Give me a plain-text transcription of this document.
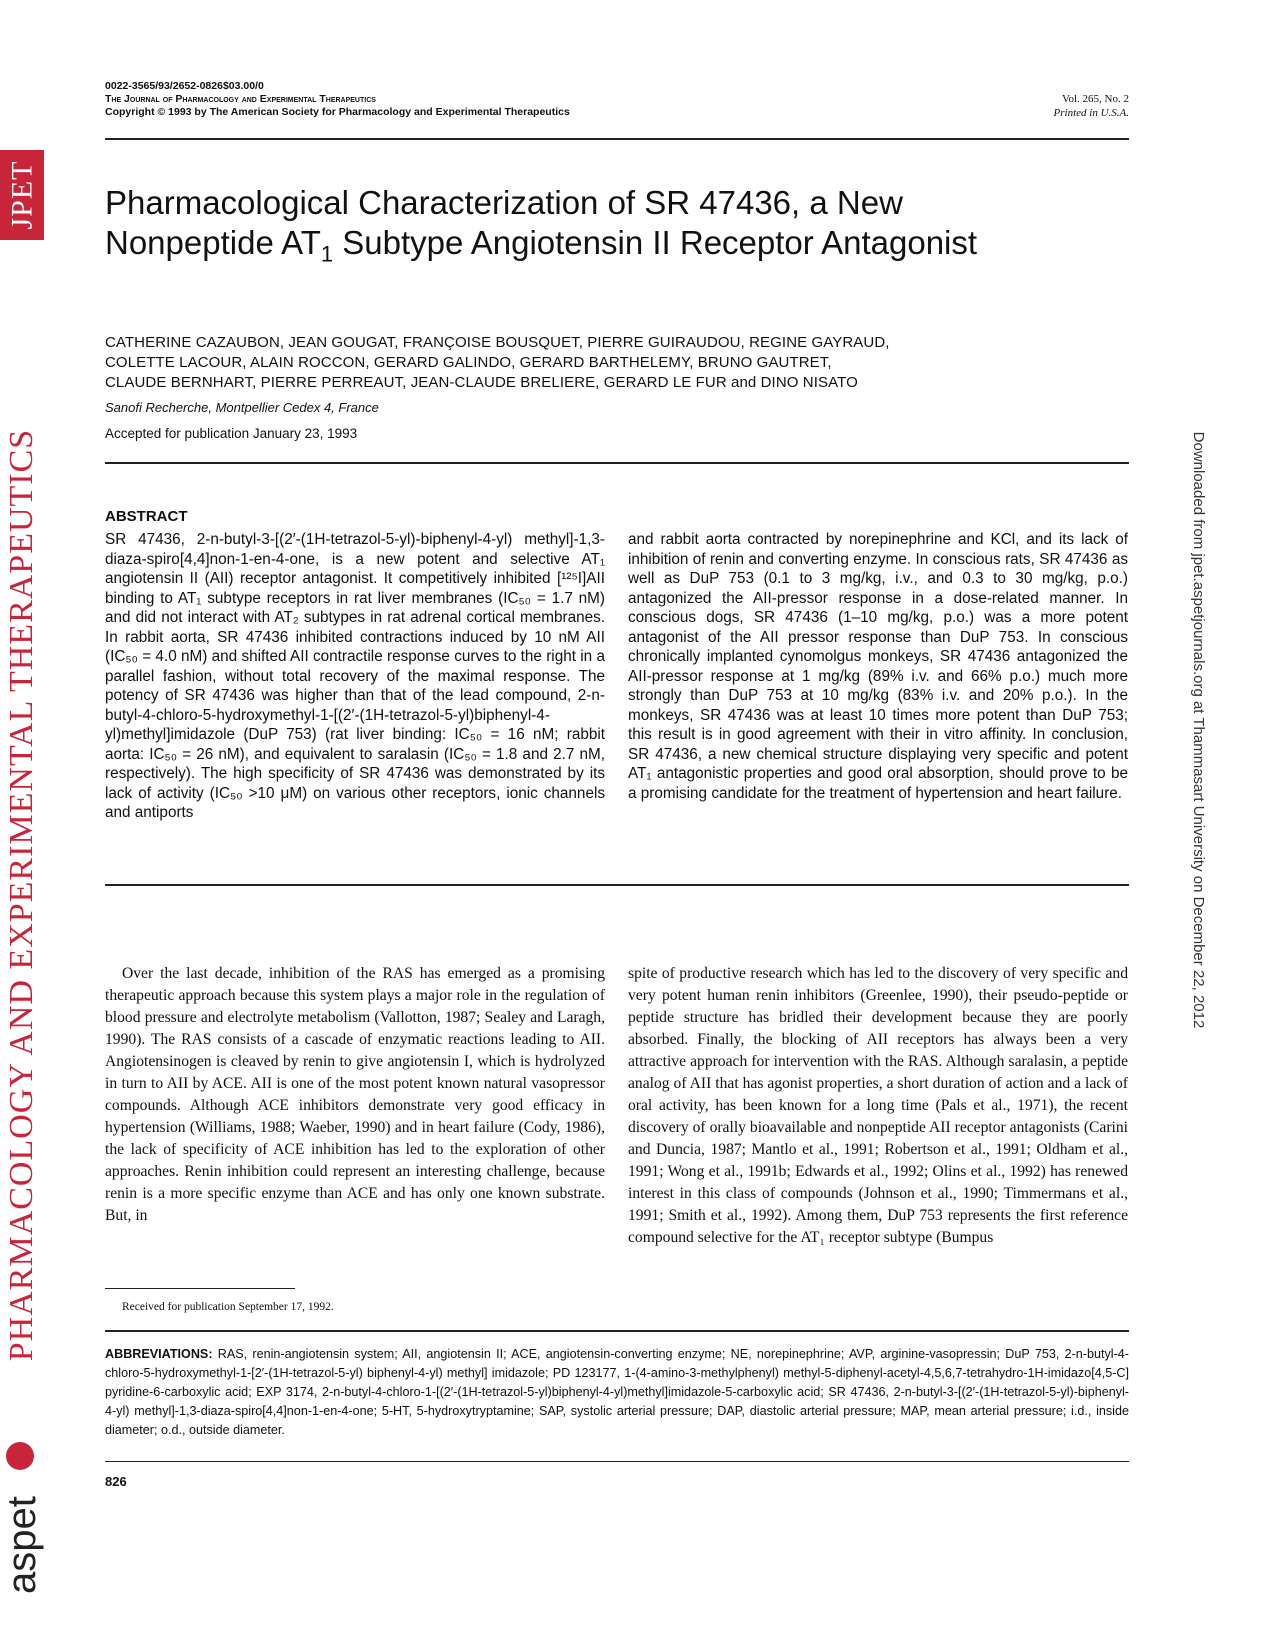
JPET
PHARMACOLOGY AND EXPERIMENTAL THERAPEUTICS
aspet
Downloaded from jpet.aspetjournals.org at Thammasart University on December 22, 2012
0022-3565/93/2652-0826$03.00/0
The Journal of Pharmacology and Experimental Therapeutics
Copyright © 1993 by The American Society for Pharmacology and Experimental Therapeutics
Vol. 265, No. 2
Printed in U.S.A.
Pharmacological Characterization of SR 47436, a New
Nonpeptide $AT_1$ Subtype Angiotensin II Receptor Antagonist
CATHERINE CAZAUBON, JEAN GOUGAT, FRANÇOISE BOUSQUET, PIERRE GUIRAUDOU, REGINE GAYRAUD,
COLETTE LACOUR, ALAIN ROCCON, GERARD GALINDO, GERARD BARTHELEMY, BRUNO GAUTRET,
CLAUDE BERNHART, PIERRE PERREAUT, JEAN-CLAUDE BRELIERE, GERARD LE FUR and DINO NISATO
Sanofi Recherche, Montpellier Cedex 4, France
Accepted for publication January 23, 1993
ABSTRACT
SR 47436, 2-n-butyl-3-[(2′-(1H-tetrazol-5-yl)-biphenyl-4-yl) methyl]-1,3-diaza-spiro[4,4]non-1-en-4-one, is a new potent and selective AT₁ angiotensin II (AII) receptor antagonist. It competitively inhibited [¹²⁵I]AII binding to AT₁ subtype receptors in rat liver membranes (IC₅₀ = 1.7 nM) and did not interact with AT₂ subtypes in rat adrenal cortical membranes. In rabbit aorta, SR 47436 inhibited contractions induced by 10 nM AII (IC₅₀ = 4.0 nM) and shifted AII contractile response curves to the right in a parallel fashion, without total recovery of the maximal response. The potency of SR 47436 was higher than that of the lead compound, 2-n-butyl-4-chloro-5-hydroxymethyl-1-[(2′-(1H-tetrazol-5-yl)biphenyl-4-yl)methyl]imidazole (DuP 753) (rat liver binding: IC₅₀ = 16 nM; rabbit aorta: IC₅₀ = 26 nM), and equivalent to saralasin (IC₅₀ = 1.8 and 2.7 nM, respectively). The high specificity of SR 47436 was demonstrated by its lack of activity (IC₅₀ >10 μM) on various other receptors, ionic channels and antiports
and rabbit aorta contracted by norepinephrine and KCl, and its lack of inhibition of renin and converting enzyme. In conscious rats, SR 47436 as well as DuP 753 (0.1 to 3 mg/kg, i.v., and 0.3 to 30 mg/kg, p.o.) antagonized the AII-pressor response in a dose-related manner. In conscious dogs, SR 47436 (1–10 mg/kg, p.o.) was a more potent antagonist of the AII pressor response than DuP 753. In conscious chronically implanted cynomolgus monkeys, SR 47436 antagonized the AII-pressor response at 1 mg/kg (89% i.v. and 66% p.o.) much more strongly than DuP 753 at 10 mg/kg (83% i.v. and 20% p.o.). In the monkeys, SR 47436 was at least 10 times more potent than DuP 753; this result is in good agreement with their in vitro affinity. In conclusion, SR 47436, a new chemical structure displaying very specific and potent AT₁ antagonistic properties and good oral absorption, should prove to be a promising candidate for the treatment of hypertension and heart failure.
Over the last decade, inhibition of the RAS has emerged as a promising therapeutic approach because this system plays a major role in the regulation of blood pressure and electrolyte metabolism (Vallotton, 1987; Sealey and Laragh, 1990). The RAS consists of a cascade of enzymatic reactions leading to AII. Angiotensinogen is cleaved by renin to give angiotensin I, which is hydrolyzed in turn to AII by ACE. AII is one of the most potent known natural vasopressor compounds. Although ACE inhibitors demonstrate very good efficacy in hypertension (Williams, 1988; Waeber, 1990) and in heart failure (Cody, 1986), the lack of specificity of ACE inhibition has led to the exploration of other approaches. Renin inhibition could represent an interesting challenge, because renin is a more specific enzyme than ACE and has only one known substrate. But, in
spite of productive research which has led to the discovery of very specific and very potent human renin inhibitors (Greenlee, 1990), their pseudo-peptide or peptide structure has bridled their development because they are poorly absorbed. Finally, the blocking of AII receptors has always been a very attractive approach for intervention with the RAS. Although saralasin, a peptide analog of AII that has agonist properties, a short duration of action and a lack of oral activity, has been known for a long time (Pals et al., 1971), the recent discovery of orally bioavailable and nonpeptide AII receptor antagonists (Carini and Duncia, 1987; Mantlo et al., 1991; Robertson et al., 1991; Oldham et al., 1991; Wong et al., 1991b; Edwards et al., 1992; Olins et al., 1992) has renewed interest in this class of compounds (Johnson et al., 1990; Timmermans et al., 1991; Smith et al., 1992). Among them, DuP 753 represents the first reference compound selective for the AT₁ receptor subtype (Bumpus
Received for publication September 17, 1992.
ABBREVIATIONS: RAS, renin-angiotensin system; AII, angiotensin II; ACE, angiotensin-converting enzyme; NE, norepinephrine; AVP, arginine-vasopressin; DuP 753, 2-n-butyl-4-chloro-5-hydroxymethyl-1-[2′-(1H-tetrazol-5-yl) biphenyl-4-yl) methyl] imidazole; PD 123177, 1-(4-amino-3-methylphenyl) methyl-5-diphenyl-acetyl-4,5,6,7-tetrahydro-1H-imidazo[4,5-C] pyridine-6-carboxylic acid; EXP 3174, 2-n-butyl-4-chloro-1-[(2′-(1H-tetrazol-5-yl)biphenyl-4-yl)methyl]imidazole-5-carboxylic acid; SR 47436, 2-n-butyl-3-[(2′-(1H-tetrazol-5-yl)-biphenyl-4-yl) methyl]-1,3-diaza-spiro[4,4]non-1-en-4-one; 5-HT, 5-hydroxytryptamine; SAP, systolic arterial pressure; DAP, diastolic arterial pressure; MAP, mean arterial pressure; i.d., inside diameter; o.d., outside diameter.
826
